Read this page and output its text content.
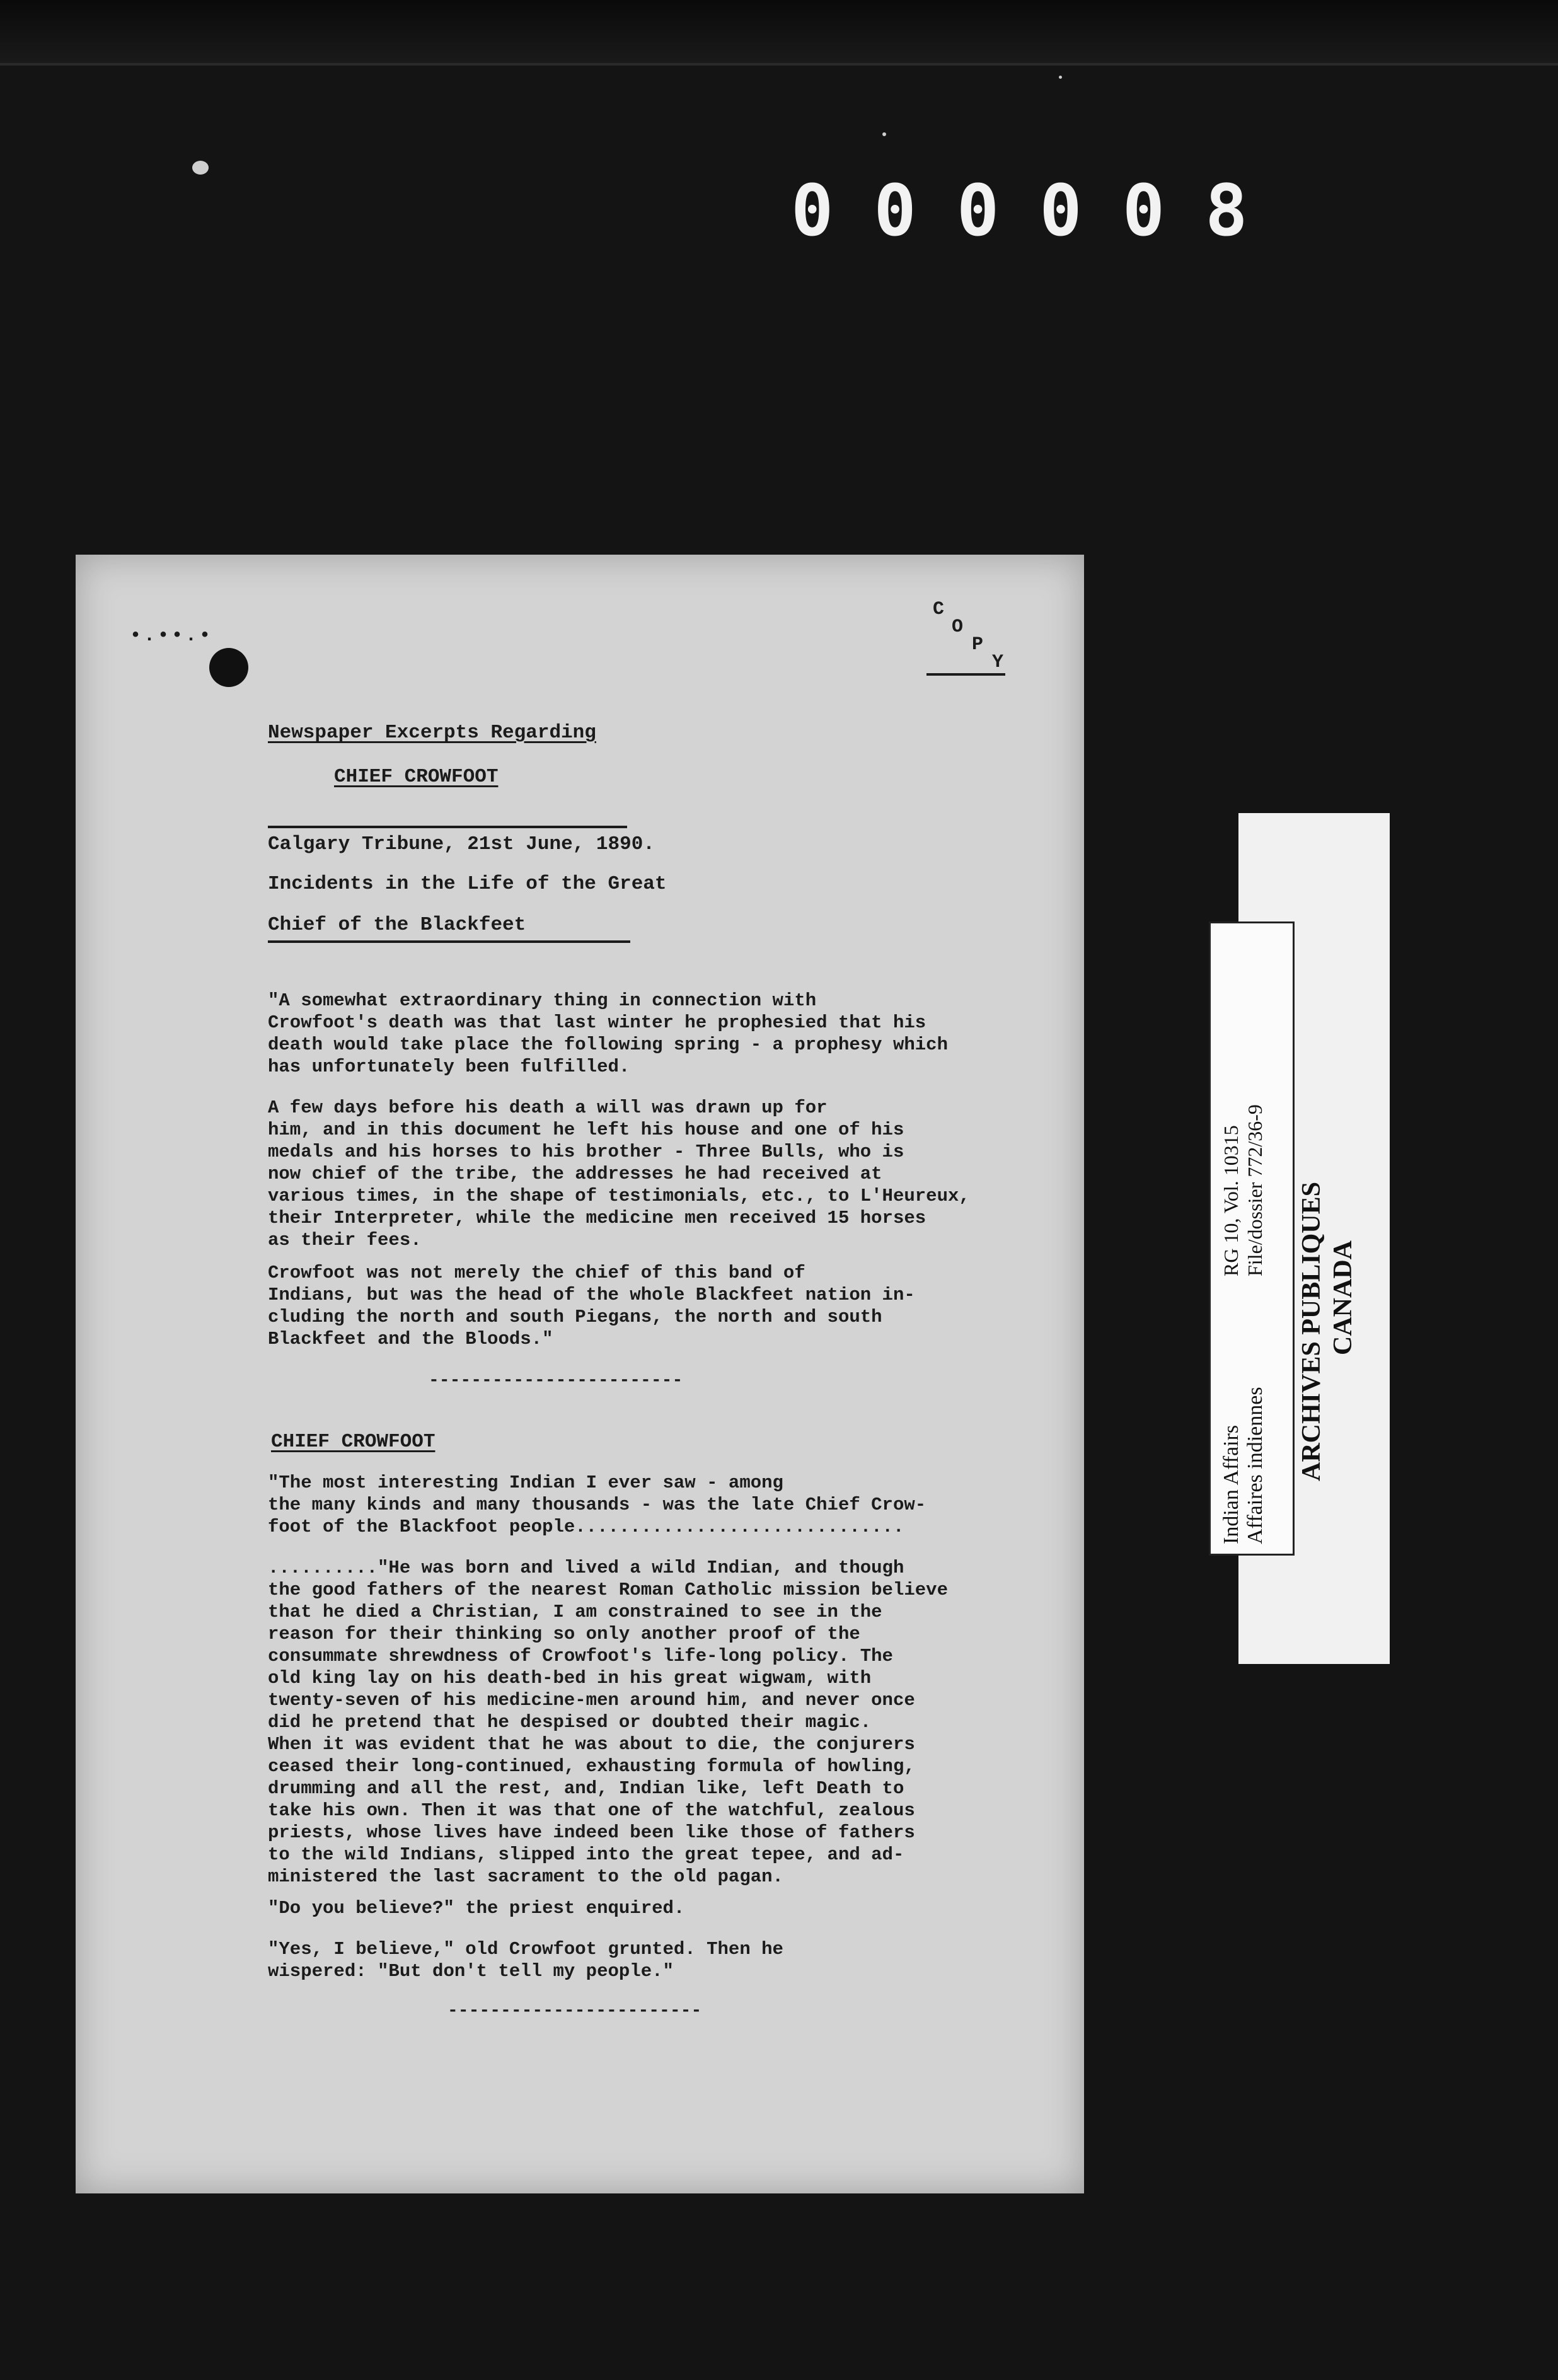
000008
•.••.•
C
O
P
Y
Newspaper Excerpts Regarding
CHIEF CROWFOOT
Calgary Tribune, 21st June, 1890.
Incidents in the Life of the Great
Chief of the Blackfeet

"A somewhat extraordinary thing in connection with
Crowfoot's death was that last winter he prophesied that his
death would take place the following spring - a prophesy which
has unfortunately been fulfilled.

A few days before his death a will was drawn up for
him, and in this document he left his house and one of his
medals and his horses to his brother - Three Bulls, who is
now chief of the tribe, the addresses he had received at
various times, in the shape of testimonials, etc., to L'Heureux,
their Interpreter, while the medicine men received 15 horses
as their fees.

Crowfoot was not merely the chief of this band of
Indians, but was the head of the whole Blackfeet nation in-
cluding the north and south Piegans, the north and south
Blackfeet and the Bloods."

------------------------
CHIEF CROWFOOT

"The most interesting Indian I ever saw - among
the many kinds and many thousands - was the late Chief Crow-
foot of the Blackfoot people..............................

.........."He was born and lived a wild Indian, and though
the good fathers of the nearest Roman Catholic mission believe
that he died a Christian, I am constrained to see in the
reason for their thinking so only another proof of the
consummate shrewdness of Crowfoot's life-long policy. The
old king lay on his death-bed in his great wigwam, with
twenty-seven of his medicine-men around him, and never once
did he pretend that he despised or doubted their magic.
When it was evident that he was about to die, the conjurers
ceased their long-continued, exhausting formula of howling,
drumming and all the rest, and, Indian like, left Death to
take his own. Then it was that one of the watchful, zealous
priests, whose lives have indeed been like those of fathers
to the wild Indians, slipped into the great tepee, and ad-
ministered the last sacrament to the old pagan.

"Do you believe?" the priest enquired.

"Yes, I believe," old Crowfoot grunted. Then he
wispered: "But don't tell my people."

------------------------
ARCHIVES PUBLIQUES CANADA
Indian Affairs Affaires indiennes
RG 10, Vol. 10315 File/dossier 772/36-9
